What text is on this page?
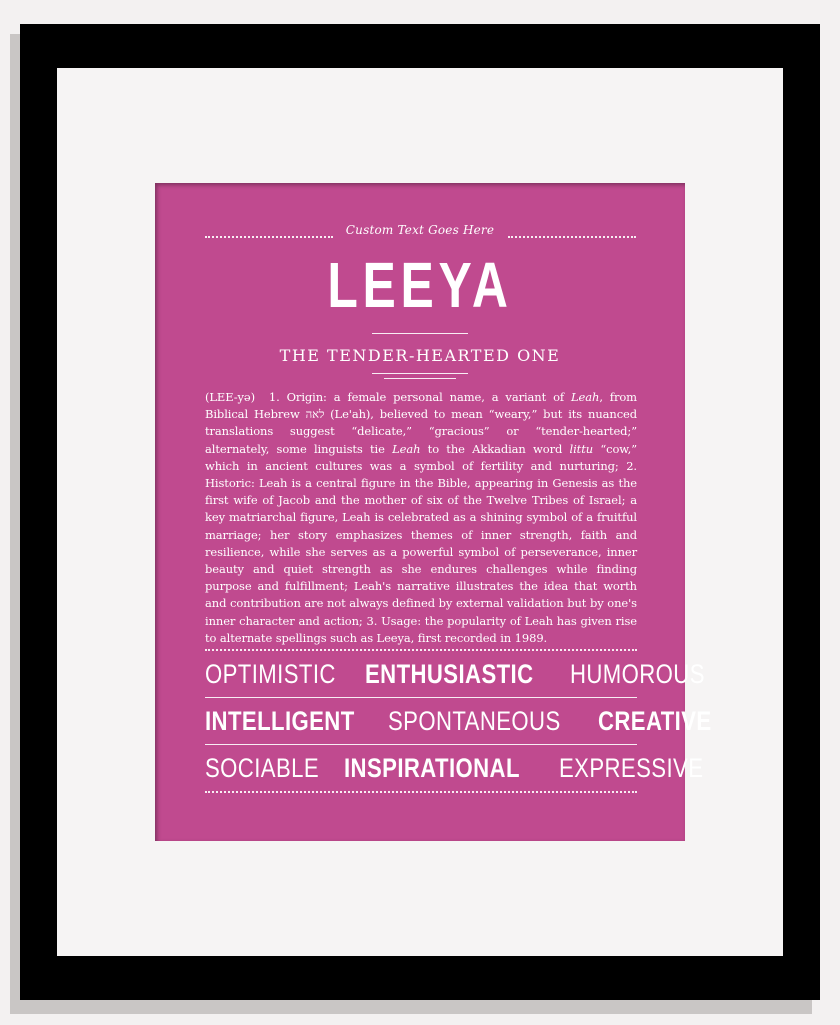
Custom Text Goes Here
LEEYA
THE TENDER-HEARTED ONE

(LEE-yə) 1. Origin: a female personal name, a variant of Leah, from Biblical Hebrew לאה (Le'ah), believed to mean “weary,” but its nuanced translations suggest “delicate,” “gracious” or “tender-hearted;” alternately, some linguists tie Leah to the Akkadian word littu “cow,” which in ancient cultures was a symbol of fertility and nurturing; 2. Historic: Leah is a central figure in the Bible, appearing in Genesis as the first wife of Jacob and the mother of six of the Twelve Tribes of Israel; a key matriarchal figure, Leah is celebrated as a shining symbol of a fruitful marriage; her story emphasizes themes of inner strength, faith and resilience, while she serves as a powerful symbol of perseverance, inner beauty and quiet strength as she endures challenges while finding purpose and fulfillment; Leah's narrative illustrates the idea that worth and contribution are not always defined by external validation but by one's inner character and action; 3. Usage: the popularity of Leah has given rise to alternate spellings such as Leeya, first recorded in 1989.

OPTIMISTIC ENTHUSIASTIC HUMOROUS
INTELLIGENT SPONTANEOUS CREATIVE
SOCIABLE INSPIRATIONAL EXPRESSIVE
